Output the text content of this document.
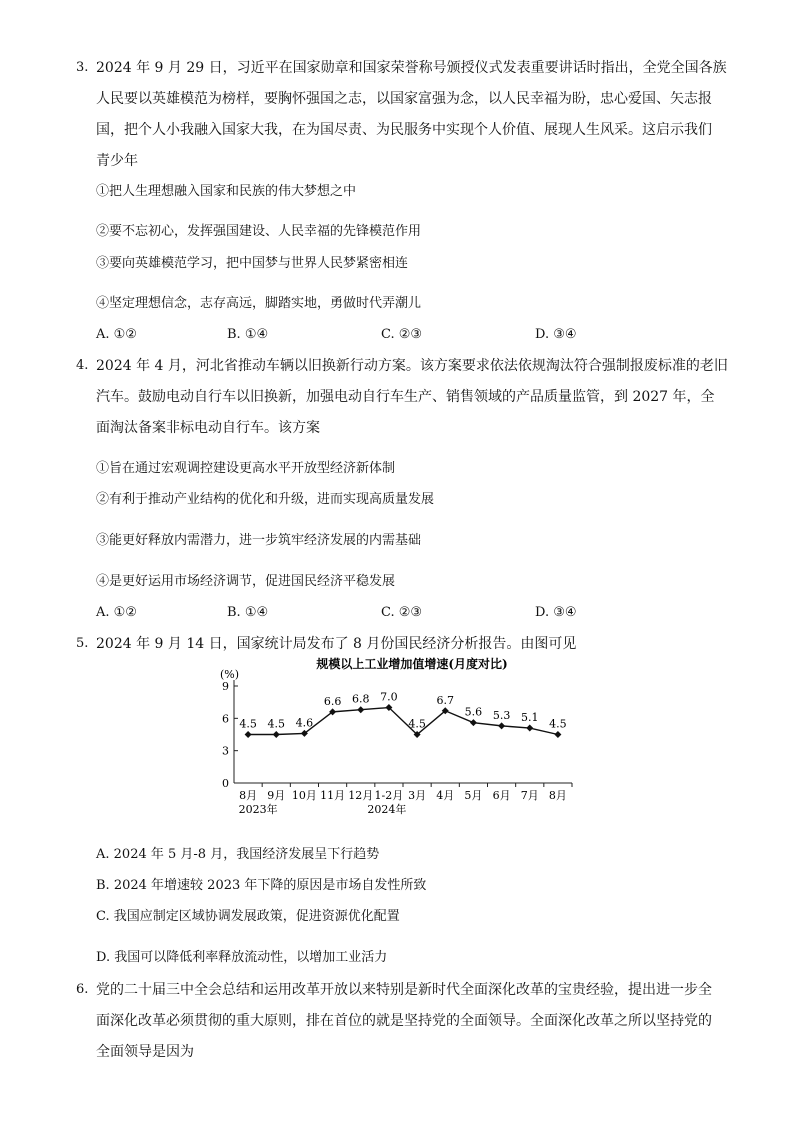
3. 2024 年 9 月 29 日，习近平在国家勋章和国家荣誉称号颁授仪式发表重要讲话时指出，全党全国各族
人民要以英雄模范为榜样，要胸怀强国之志，以国家富强为念，以人民幸福为盼，忠心爱国、矢志报
国，把个人小我融入国家大我，在为国尽责、为民服务中实现个人价值、展现人生风采。这启示我们
青少年
①把人生理想融入国家和民族的伟大梦想之中
②要不忘初心，发挥强国建设、人民幸福的先锋模范作用
③要向英雄模范学习，把中国梦与世界人民梦紧密相连
④坚定理想信念，志存高远，脚踏实地，勇做时代弄潮儿
A. ①②	B. ①④	C. ②③	D. ③④
4. 2024 年 4 月，河北省推动车辆以旧换新行动方案。该方案要求依法依规淘汰符合强制报废标准的老旧
汽车。鼓励电动自行车以旧换新，加强电动自行车生产、销售领域的产品质量监管，到 2027 年，全
面淘汰备案非标电动自行车。该方案
①旨在通过宏观调控建设更高水平开放型经济新体制
②有利于推动产业结构的优化和升级，进而实现高质量发展
③能更好释放内需潜力，进一步筑牢经济发展的内需基础
④是更好运用市场经济调节，促进国民经济平稳发展
A. ①②	B. ①④	C. ②③	D. ③④
5. 2024 年 9 月 14 日，国家统计局发布了 8 月份国民经济分析报告。由图可见
规模以上工业增加值增速(月度对比)
(%)
0
3
6
9
8月 9月 10月 11月 12月 1-2月 3月 4月 5月 6月 7月 8月
2023年	2024年
4.5 4.5 4.6
6.6 6.8 7.0
4.5
6.7
5.6 5.3 5.1 4.5
A. 2024 年 5 月-8 月，我国经济发展呈下行趋势
B. 2024 年增速较 2023 年下降的原因是市场自发性所致
C. 我国应制定区域协调发展政策，促进资源优化配置
D. 我国可以降低利率释放流动性，以增加工业活力
6. 党的二十届三中全会总结和运用改革开放以来特别是新时代全面深化改革的宝贵经验，提出进一步全
面深化改革必须贯彻的重大原则，排在首位的就是坚持党的全面领导。全面深化改革之所以坚持党的
全面领导是因为
